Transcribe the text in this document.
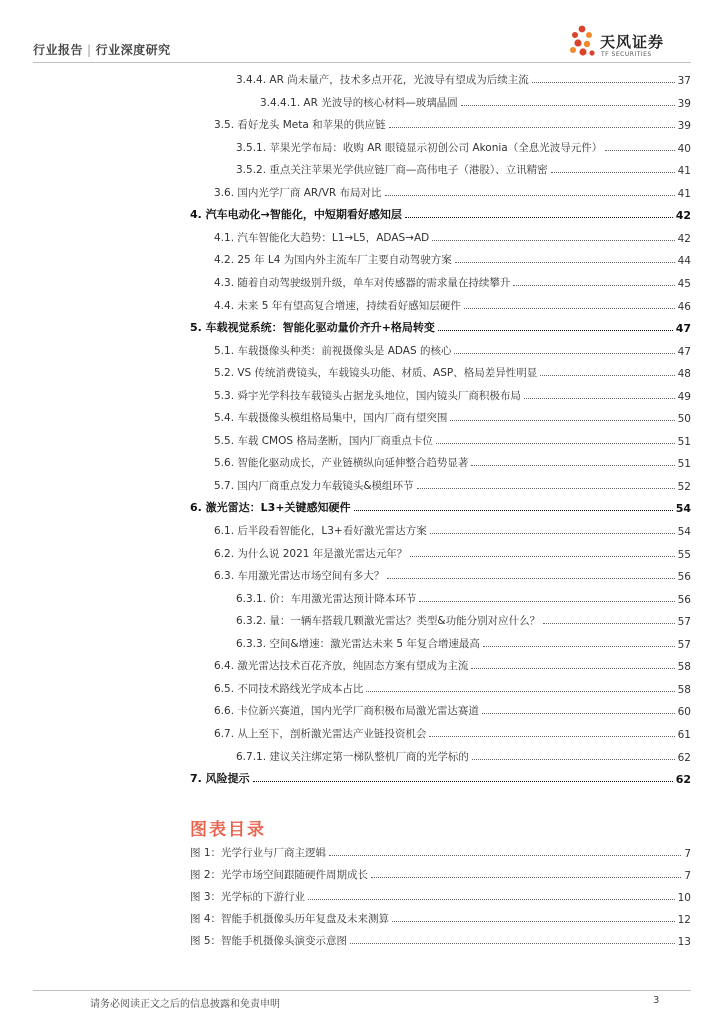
行业报告 | 行业深度研究	天风证券
TF SECURITIES
3.4.4. AR 尚未量产，技术多点开花，光波导有望成为后续主流	37
3.4.4.1. AR 光波导的核心材料—玻璃晶圆	39
3.5. 看好龙头 Meta 和苹果的供应链	39
3.5.1. 苹果光学布局：收购 AR 眼镜显示初创公司 Akonia（全息光波导元件）	40
3.5.2. 重点关注苹果光学供应链厂商—高伟电子（港股）、立讯精密	41
3.6. 国内光学厂商 AR/VR 布局对比	41
4. 汽车电动化→智能化，中短期看好感知层	42
4.1. 汽车智能化大趋势：L1→L5，ADAS→AD	42
4.2. 25 年 L4 为国内外主流车厂主要自动驾驶方案	44
4.3. 随着自动驾驶级别升级，单车对传感器的需求量在持续攀升	45
4.4. 未来 5 年有望高复合增速，持续看好感知层硬件	46
5. 车载视觉系统：智能化驱动量价齐升+格局转变	47
5.1. 车载摄像头种类：前视摄像头是 ADAS 的核心	47
5.2. VS 传统消费镜头，车载镜头功能、材质、ASP、格局差异性明显	48
5.3. 舜宇光学科技车载镜头占据龙头地位，国内镜头厂商积极布局	49
5.4. 车载摄像头模组格局集中，国内厂商有望突围	50
5.5. 车载 CMOS 格局垄断，国内厂商重点卡位	51
5.6. 智能化驱动成长，产业链横纵向延伸整合趋势显著	51
5.7. 国内厂商重点发力车载镜头&模组环节	52
6. 激光雷达：L3+关键感知硬件	54
6.1. 后半段看智能化，L3+看好激光雷达方案	54
6.2. 为什么说 2021 年是激光雷达元年？	55
6.3. 车用激光雷达市场空间有多大？	56
6.3.1. 价：车用激光雷达预计降本环节	56
6.3.2. 量：一辆车搭载几颗激光雷达？类型&功能分别对应什么？	57
6.3.3. 空间&增速：激光雷达未来 5 年复合增速最高	57
6.4. 激光雷达技术百花齐放，纯固态方案有望成为主流	58
6.5. 不同技术路线光学成本占比	58
6.6. 卡位新兴赛道，国内光学厂商积极布局激光雷达赛道	60
6.7. 从上至下，剖析激光雷达产业链投资机会	61
6.7.1. 建议关注绑定第一梯队整机厂商的光学标的	62
7. 风险提示	62
图表目录
图 1：光学行业与厂商主逻辑	7
图 2：光学市场空间跟随硬件周期成长	7
图 3：光学标的下游行业	10
图 4：智能手机摄像头历年复盘及未来测算	12
图 5：智能手机摄像头演变示意图	13
请务必阅读正文之后的信息披露和免责申明	3
